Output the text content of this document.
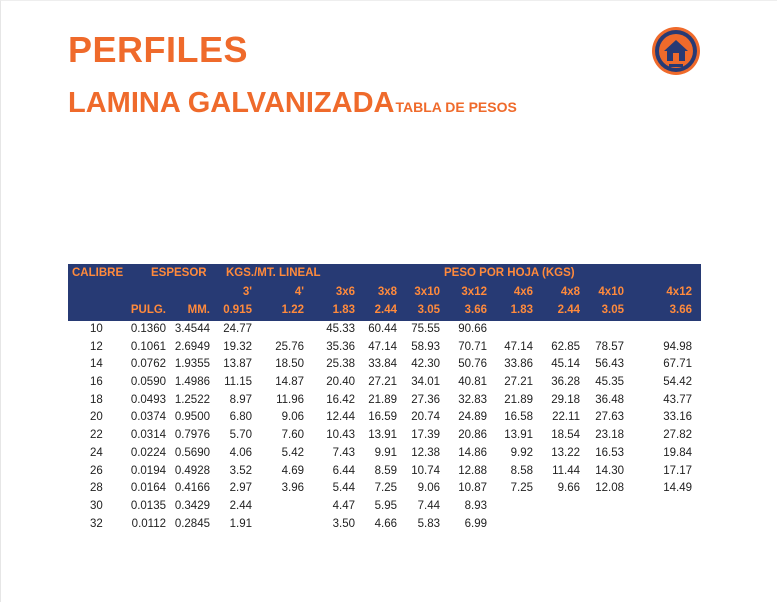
PERFILES
LAMINA GALVANIZADATABLA DE PESOS
CALIBRE ESPESOR KGS./MT. LINEAL	PESO POR HOJA (KGS)
3'	4'	3x6 3x8 3x10 3x12 4x6 4x8 4x10	4x12
PULG. MM. 0.915	1.22 1.83 2.44 3.05 3.66 1.83 2.44 3.05	3.66
10 0.1360 3.4544 24.77	45.33 60.44 75.55 90.66
12 0.1061 2.6949 19.32 25.76 35.36 47.14 58.93 70.71 47.14 62.85 78.57	94.98
14 0.0762 1.9355 13.87 18.50 25.38 33.84 42.30 50.76 33.86 45.14 56.43	67.71
16 0.0590 1.4986 11.15 14.87 20.40 27.21 34.01 40.81 27.21 36.28 45.35	54.42
18 0.0493 1.2522 8.97 11.96 16.42 21.89 27.36 32.83 21.89 29.18 36.48	43.77
20 0.0374 0.9500 6.80	9.06 12.44 16.59 20.74 24.89 16.58 22.11 27.63	33.16
22 0.0314 0.7976 5.70	7.60 10.43 13.91 17.39 20.86 13.91 18.54 23.18	27.82
24 0.0224 0.5690 4.06	5.42 7.43 9.91 12.38 14.86 9.92 13.22 16.53	19.84
26 0.0194 0.4928 3.52	4.69 6.44 8.59 10.74 12.88 8.58 11.44 14.30	17.17
28 0.0164 0.4166 2.97	3.96 5.44 7.25 9.06 10.87 7.25 9.66 12.08	14.49
30 0.0135 0.3429 2.44	4.47 5.95 7.44 8.93
32	0.0112 0.2845 1.91	3.50 4.66 5.83 6.99
